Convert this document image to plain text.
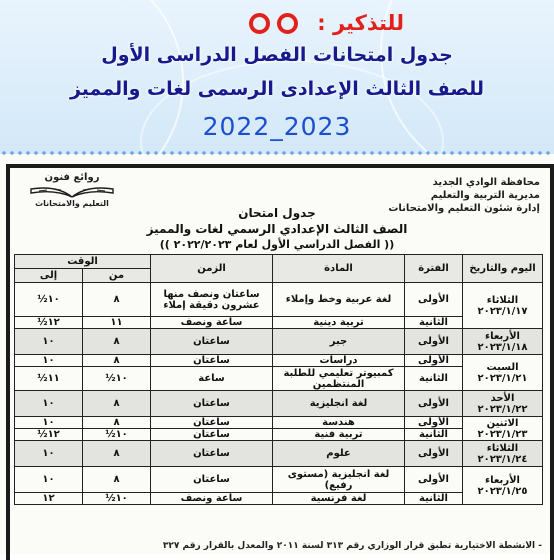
للتذكير :
جدول امتحانات الفصل الدراسى الأول
للصف الثالث الإعدادى الرسمى لغات والمميز
2022_2023
محافظة الوادي الجديد
مديرية التربية والتعليم
إدارة شئون التعليم والامتحانات
روائع فنون
التعليم والامتحانات
جدول امتحان
الصف الثالث الإعدادي الرسمي لغات والمميز
(( الفصل الدراسي الأول لعام ٢٠٢٢/٢٠٢٣ ))
اليوم والتاريخ	الفترة	المادة	الزمن	الوقت	
				من	إلى
الثلاثاء ٢٠٢٣/١/١٧	الأولى	لغة عربية وخط وإملاء	ساعتان ونصف منها عشرون دقيقة إملاء	٨	١٠½
	الثانية	تربية دينية	ساعة ونصف	١١	١٢½
الأربعاء ٢٠٢٣/١/١٨	الأولى	جبر	ساعتان	٨	١٠
السبت ٢٠٢٣/١/٢١	الأولى	دراسات	ساعتان	٨	١٠
	الثانية	كمبيوتر تعليمي للطلبة المنتظمين	ساعة	١٠½	١١½
الأحد ٢٠٢٣/١/٢٢	الأولى	لغة انجليزية	ساعتان	٨	١٠
الاثنين ٢٠٢٣/١/٢٣	الأولى	هندسة	ساعتان	٨	١٠
	الثانية	تربية فنية	ساعتان	١٠½	١٢½
الثلاثاء ٢٠٢٣/١/٢٤	الأولى	علوم	ساعتان	٨	١٠
الأربعاء ٢٠٢٣/١/٢٥	الأولى	لغة انجليزية (مستوى رفيع)	ساعتان	٨	١٠
	الثانية	لغة فرنسية	ساعة ونصف	١٠½	١٢
- الأنشطة الاختيارية تطبق قرار الوزاري رقم ٣١٣ لسنة ٢٠١١ والمعدل بالقرار رقم ٣٢٧
